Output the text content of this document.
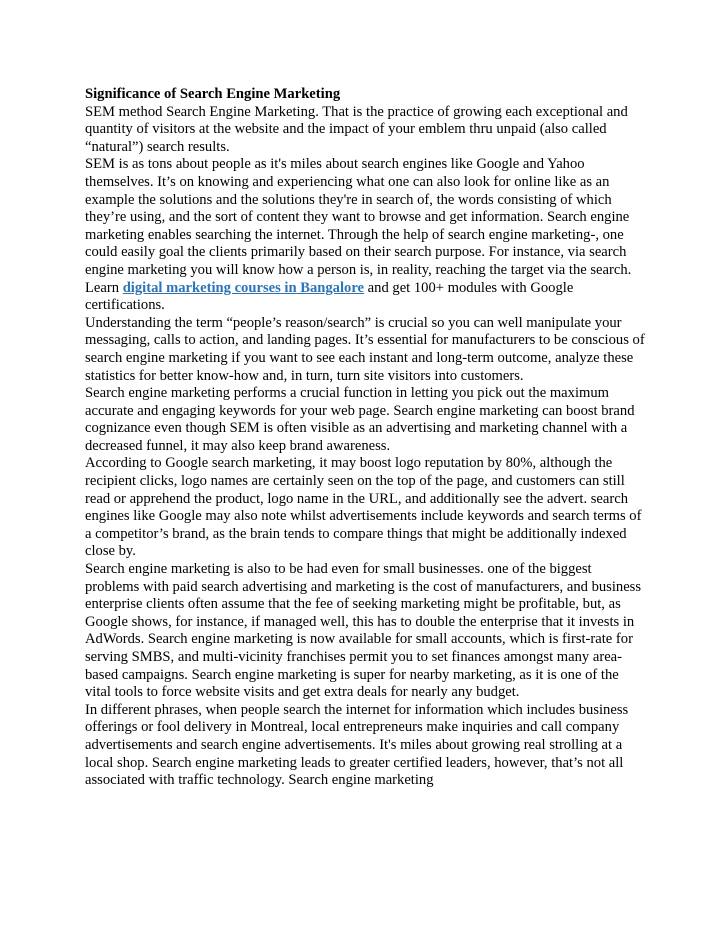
Significance of Search Engine Marketing

SEM method Search Engine Marketing. That is the practice of growing each exceptional and quantity of visitors at the website and the impact of your emblem thru unpaid (also called “natural”) search results.

SEM is as tons about people as it's miles about search engines like Google and Yahoo themselves. It’s on knowing and experiencing what one can also look for online like as an example the solutions and the solutions they're in search of, the words consisting of which they’re using, and the sort of content they want to browse and get information. Search engine marketing enables searching the internet. Through the help of search engine marketing-, one could easily goal the clients primarily based on their search purpose. For instance, via search engine marketing you will know how a person is, in reality, reaching the target via the search.

Learn digital marketing courses in Bangalore and get 100+ modules with Google certifications.

Understanding the term “people’s reason/search” is crucial so you can well manipulate your messaging, calls to action, and landing pages. It’s essential for manufacturers to be conscious of search engine marketing if you want to see each instant and long-term outcome, analyze these statistics for better know-how and, in turn, turn site visitors into customers.

Search engine marketing performs a crucial function in letting you pick out the maximum accurate and engaging keywords for your web page. Search engine marketing can boost brand cognizance even though SEM is often visible as an advertising and marketing channel with a decreased funnel, it may also keep brand awareness.

According to Google search marketing, it may boost logo reputation by 80%, although the recipient clicks, logo names are certainly seen on the top of the page, and customers can still read or apprehend the product, logo name in the URL, and additionally see the advert. search engines like Google may also note whilst advertisements include keywords and search terms of a competitor’s brand, as the brain tends to compare things that might be additionally indexed close by.

Search engine marketing is also to be had even for small businesses. one of the biggest problems with paid search advertising and marketing is the cost of manufacturers, and business enterprise clients often assume that the fee of seeking marketing might be profitable, but, as Google shows, for instance, if managed well, this has to double the enterprise that it invests in AdWords. Search engine marketing is now available for small accounts, which is first-rate for serving SMBS, and multi-vicinity franchises permit you to set finances amongst many area-based campaigns. Search engine marketing is super for nearby marketing, as it is one of the vital tools to force website visits and get extra deals for nearly any budget.

In different phrases, when people search the internet for information which includes business offerings or fool delivery in Montreal, local entrepreneurs make inquiries and call company advertisements and search engine advertisements. It's miles about growing real strolling at a local shop. Search engine marketing leads to greater certified leaders, however, that’s not all associated with traffic technology. Search engine marketing
